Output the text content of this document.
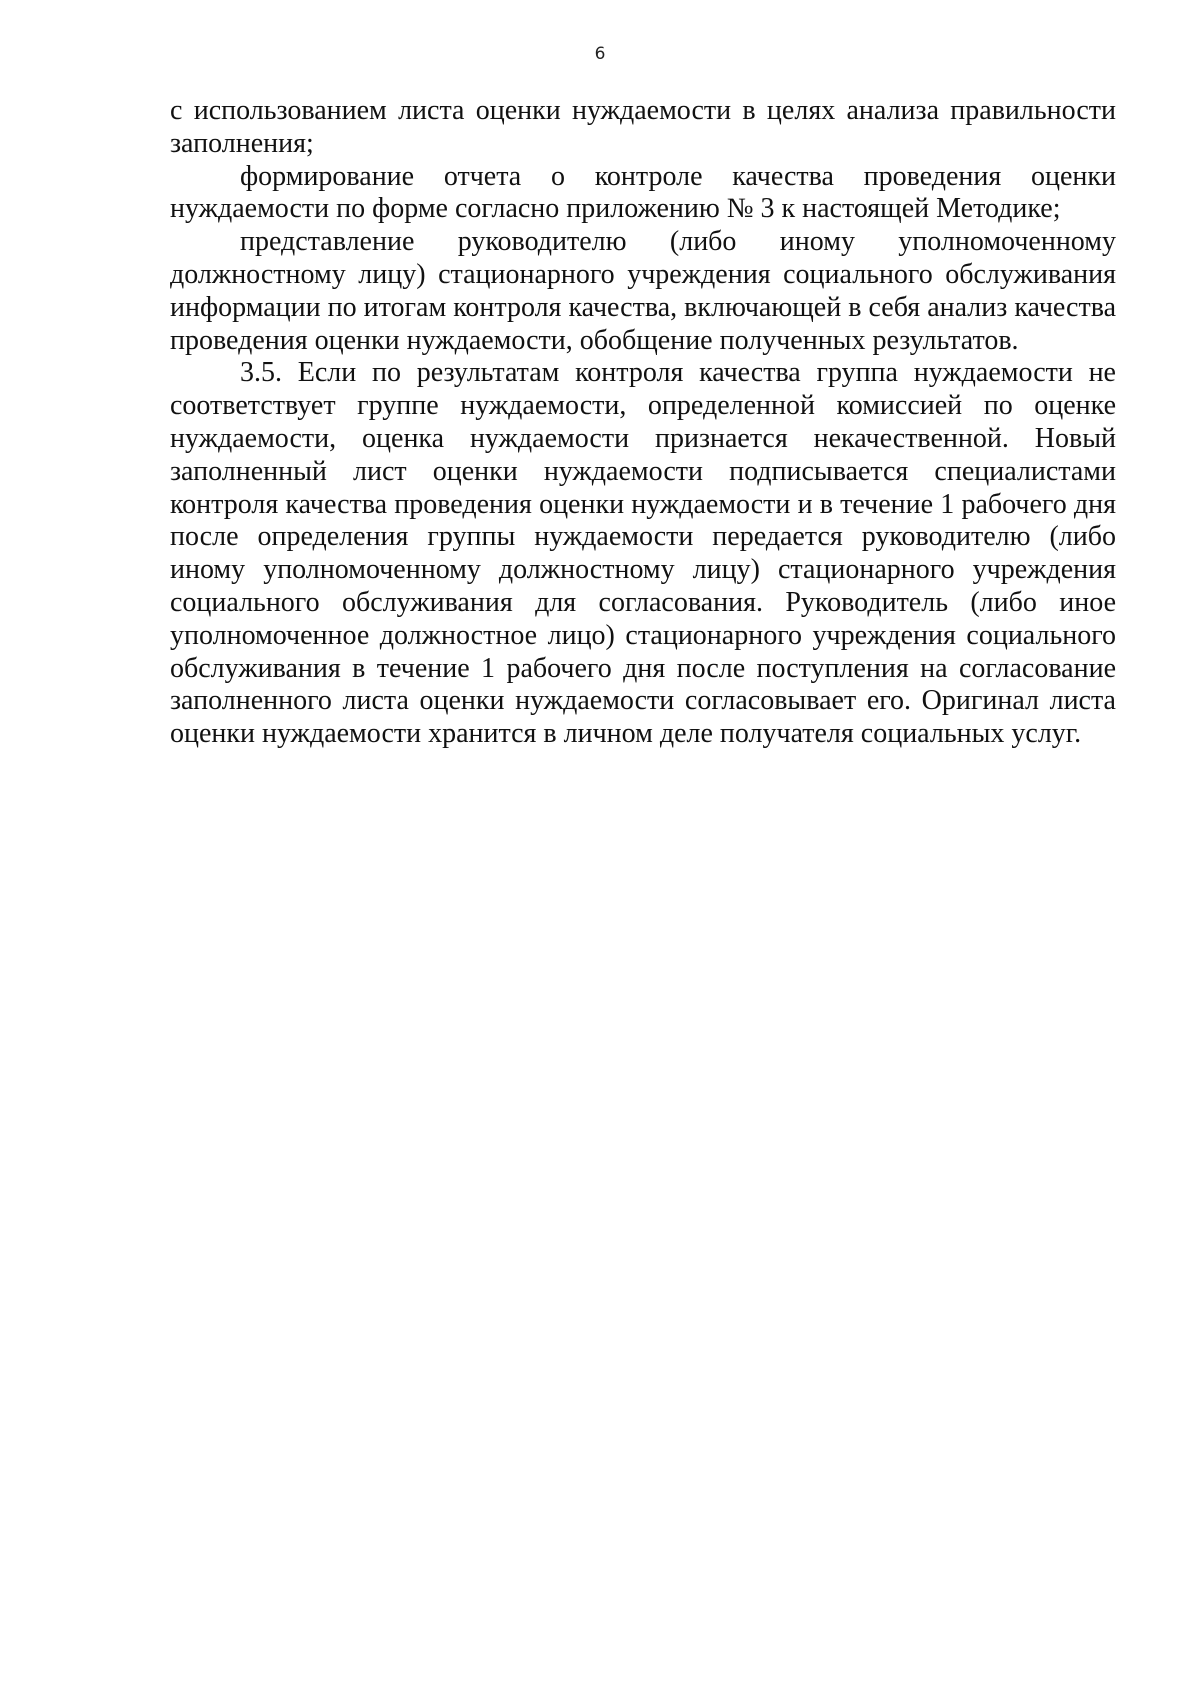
6

с использованием листа оценки нуждаемости в целях анализа правильности заполнения;

формирование отчета о контроле качества проведения оценки нуждаемости по форме согласно приложению № 3 к настоящей Методике;

представление руководителю (либо иному уполномоченному должностному лицу) стационарного учреждения социального обслуживания информации по итогам контроля качества, включающей в себя анализ качества проведения оценки нуждаемости, обобщение полученных результатов.

3.5. Если по результатам контроля качества группа нуждаемости не соответствует группе нуждаемости, определенной комиссией по оценке нуждаемости, оценка нуждаемости признается некачественной. Новый заполненный лист оценки нуждаемости подписывается специалистами контроля качества проведения оценки нуждаемости и в течение 1 рабочего дня после определения группы нуждаемости передается руководителю (либо иному уполномоченному должностному лицу) стационарного учреждения социального обслуживания для согласования. Руководитель (либо иное уполномоченное должностное лицо) стационарного учреждения социального обслуживания в течение 1 рабочего дня после поступления на согласование заполненного листа оценки нуждаемости согласовывает его. Оригинал листа оценки нуждаемости хранится в личном деле получателя социальных услуг.
